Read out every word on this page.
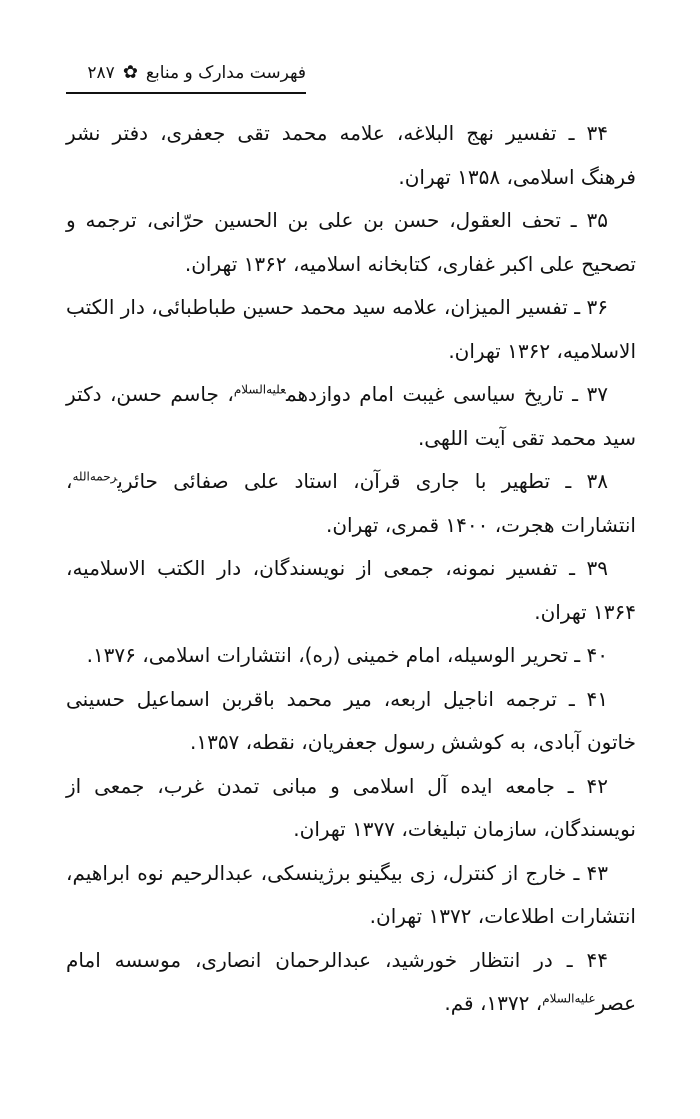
فهرست مدارک و منابع
✿
۲۸۷

۳۴ ـ تفسیر نهج البلاغه، علامه محمد تقی جعفری، دفتر نشر فرهنگ اسلامی، ۱۳۵۸ تهران.

۳۵ ـ تحف العقول، حسن بن علی بن الحسین حرّانی، ترجمه و تصحیح علی اکبر غفاری، کتابخانه اسلامیه، ۱۳۶۲ تهران.

۳۶ ـ تفسیر المیزان، علامه سید محمد حسین طباطبائی، دار الکتب الاسلامیه، ۱۳۶۲ تهران.

۳۷ ـ تاریخ سیاسی غیبت امام دوازدهم$^{علیه‌السلام}$، جاسم حسن، دکتر سید محمد تقی آیت اللهی.

۳۸ ـ تطهیر با جاری قرآن، استاد علی صفائی حائری$^{رحمه‌الله}$، انتشارات هجرت، ۱۴۰۰ قمری، تهران.

۳۹ ـ تفسیر نمونه، جمعی از نویسندگان، دار الکتب الاسلامیه، ۱۳۶۴ تهران.

۴۰ ـ تحریر الوسیله، امام خمینی (ره)، انتشارات اسلامی، ۱۳۷۶.

۴۱ ـ ترجمه اناجیل اربعه، میر محمد باقربن اسماعیل حسینی خاتون آبادی، به کوشش رسول جعفریان، نقطه، ۱۳۵۷.

۴۲ ـ جامعه ایده آل اسلامی و مبانی تمدن غرب، جمعی از نویسندگان، سازمان تبلیغات، ۱۳۷۷ تهران.

۴۳ ـ خارج از کنترل، زی بیگینو برژینسکی، عبدالرحیم نوه ابراهیم، انتشارات اطلاعات، ۱۳۷۲ تهران.

۴۴ ـ در انتظار خورشید، عبدالرحمان انصاری، موسسه امام عصر$^{علیه‌السلام}$، ۱۳۷۲، قم.
